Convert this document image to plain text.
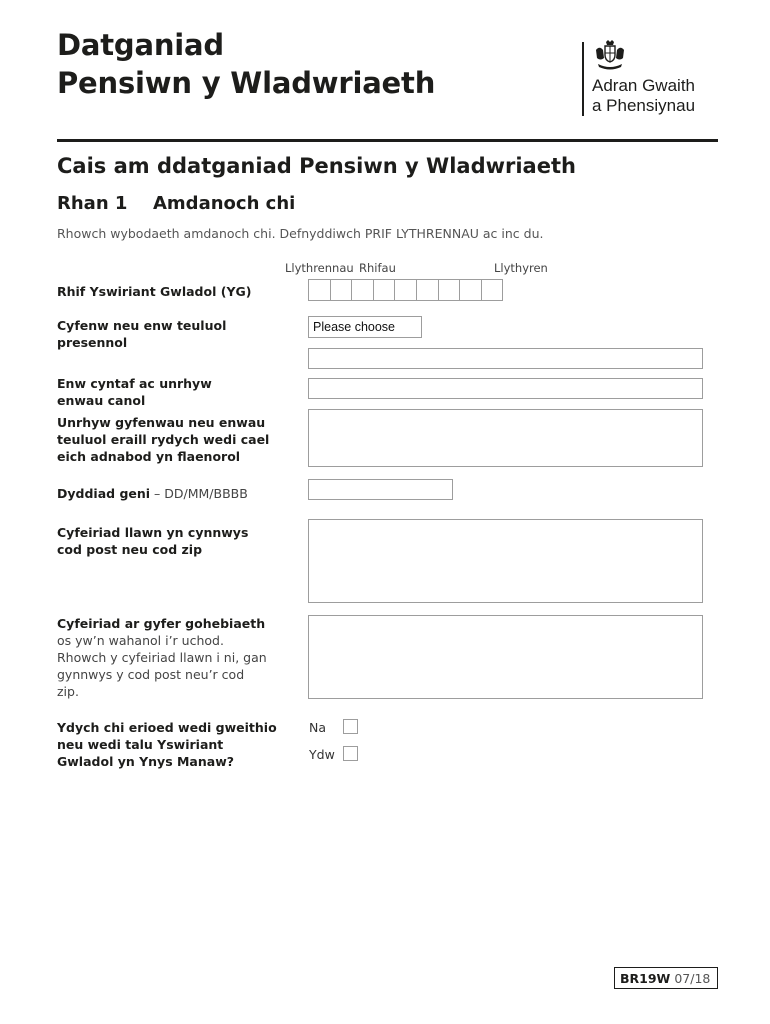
Datganiad
Pensiwn y Wladwriaeth	Adran Gwaith
a Phensiynau
Cais am ddatganiad Pensiwn y Wladwriaeth
Rhan 1 Amdanoch chi
Rhowch wybodaeth amdanoch chi. Defnyddiwch PRIF LYTHRENNAU ac inc du.
Llythrennau Rhifau	Llythyren
Rhif Yswiriant Gwladol (YG)
Cyfenw neu enw teuluol
presennol
Please choose
Enw cyntaf ac unrhyw
enwau canol
Unrhyw gyfenwau neu enwau
teuluol eraill rydych wedi cael
eich adnabod yn flaenorol
Dyddiad geni – DD/MM/BBBB
Cyfeiriad llawn yn cynnwys
cod post neu cod zip
Cyfeiriad ar gyfer gohebiaeth
os yw’n wahanol i’r uchod.
Rhowch y cyfeiriad llawn i ni, gan
gynnwys y cod post neu’r cod
zip.
Ydych chi erioed wedi gweithio
neu wedi talu Yswiriant
Gwladol yn Ynys Manaw?
Na
Ydw
BR19W 07/18
